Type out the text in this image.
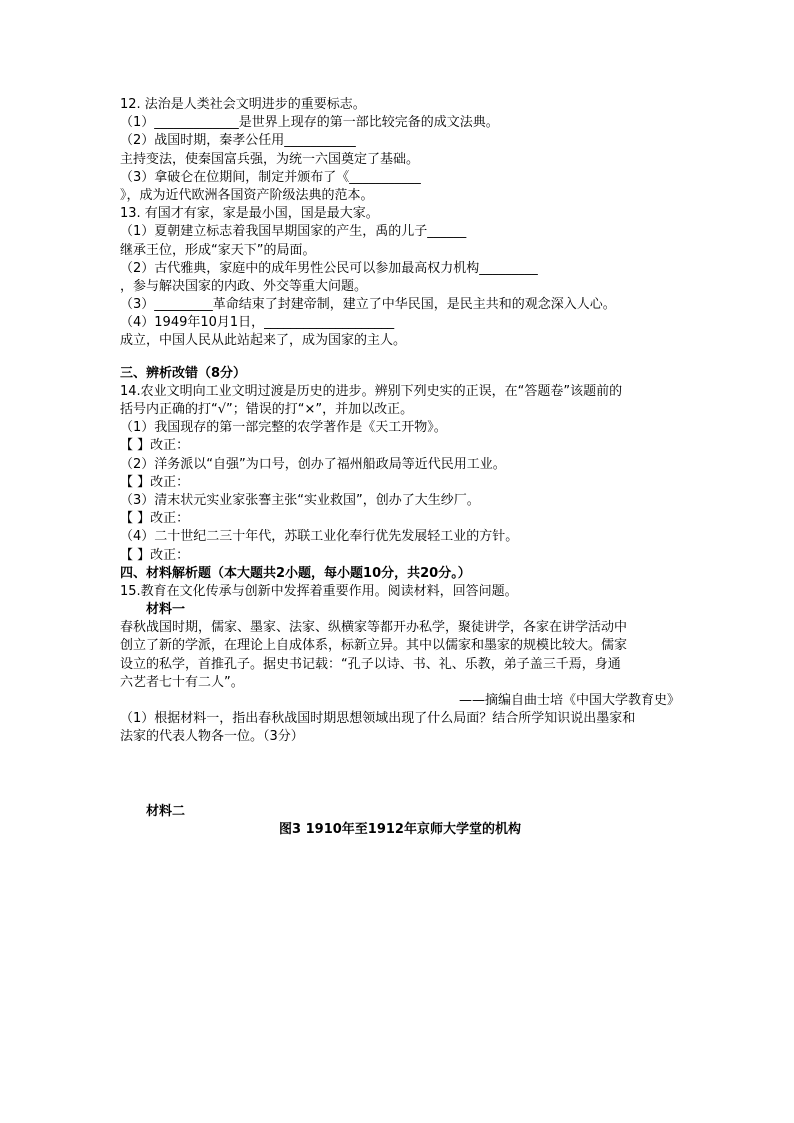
12. 法治是人类社会文明进步的重要标志。
（1）_____________是世界上现存的第一部比较完备的成文法典。
（2）战国时期，秦孝公任用___________
主持变法，使秦国富兵强，为统一六国奠定了基础。
（3）拿破仑在位期间，制定并颁布了《___________
》，成为近代欧洲各国资产阶级法典的范本。
13. 有国才有家，家是最小国，国是最大家。
（1）夏朝建立标志着我国早期国家的产生，禹的儿子______
继承王位，形成“家天下”的局面。
（2）古代雅典，家庭中的成年男性公民可以参加最高权力机构_________
，参与解决国家的内政、外交等重大问题。
（3）_________革命结束了封建帝制，建立了中华民国，是民主共和的观念深入人心。
（4）1949年10月1日，____________________
成立，中国人民从此站起来了，成为国家的主人。
三、辨析改错（8分）
14.农业文明向工业文明过渡是历史的进步。辨别下列史实的正误，在“答题卷”该题前的
括号内正确的打“√”；错误的打“×”，并加以改正。
（1）我国现存的第一部完整的农学著作是《天工开物》。
【 】改正：
（2）洋务派以“自强”为口号，创办了福州船政局等近代民用工业。
【 】改正：
（3）清末状元实业家张謇主张“实业救国”，创办了大生纱厂。
【 】改正：
（4）二十世纪二三十年代，苏联工业化奉行优先发展轻工业的方针。
【 】改正：
四、材料解析题（本大题共2小题，每小题10分，共20分。）
15.教育在文化传承与创新中发挥着重要作用。阅读材料，回答问题。
材料一
春秋战国时期，儒家、墨家、法家、纵横家等都开办私学，聚徒讲学，各家在讲学活动中
创立了新的学派，在理论上自成体系，标新立异。其中以儒家和墨家的规模比较大。儒家
设立的私学，首推孔子。据史书记载：“孔子以诗、书、礼、乐教，弟子盖三千焉，身通
六艺者七十有二人”。
——摘编自曲士培《中国大学教育史》
（1）根据材料一，指出春秋战国时期思想领域出现了什么局面？结合所学知识说出墨家和
法家的代表人物各一位。（3分）
材料二
图3 1910年至1912年京师大学堂的机构
